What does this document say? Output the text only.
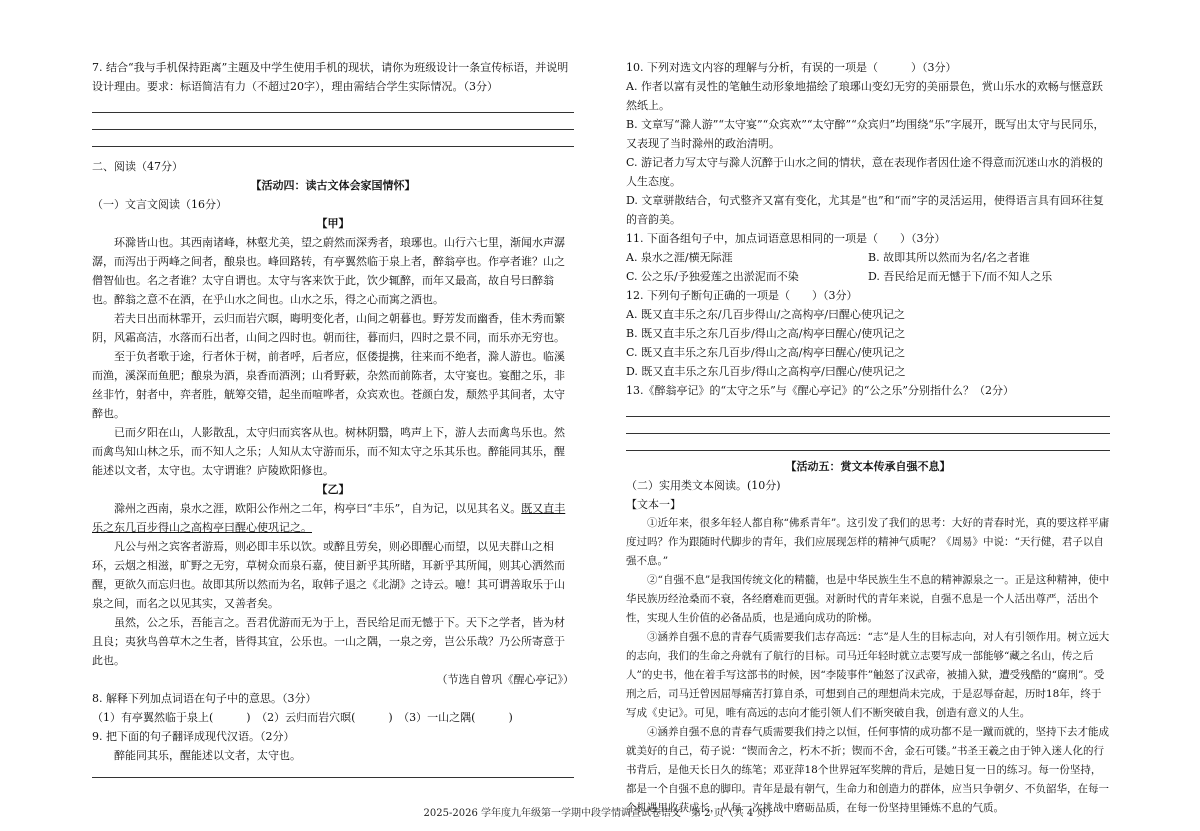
7. 结合“我与手机保持距离”主题及中学生使用手机的现状，请你为班级设计一条宣传标语，并说明设计理由。要求：标语简洁有力（不超过20字），理由需结合学生实际情况。（3分）

二、阅读（47分）

【活动四：读古文体会家国情怀】

（一）文言文阅读（16分）

【甲】

环滁皆山也。其西南诸峰，林壑尤美，望之蔚然而深秀者，琅琊也。山行六七里，渐闻水声潺潺，而泻出于两峰之间者，酿泉也。峰回路转，有亭翼然临于泉上者，醉翁亭也。作亭者谁？山之僧智仙也。名之者谁？太守自谓也。太守与客来饮于此，饮少辄醉，而年又最高，故自号曰醉翁也。醉翁之意不在酒，在乎山水之间也。山水之乐，得之心而寓之酒也。

若夫日出而林霏开，云归而岩穴暝，晦明变化者，山间之朝暮也。野芳发而幽香，佳木秀而繁阴，风霜高洁，水落而石出者，山间之四时也。朝而往，暮而归，四时之景不同，而乐亦无穷也。

至于负者歌于途，行者休于树，前者呼，后者应，伛偻提携，往来而不绝者，滁人游也。临溪而渔，溪深而鱼肥；酿泉为酒，泉香而酒洌；山肴野蔌，杂然而前陈者，太守宴也。宴酣之乐，非丝非竹，射者中，弈者胜，觥筹交错，起坐而喧哗者，众宾欢也。苍颜白发，颓然乎其间者，太守醉也。

已而夕阳在山，人影散乱，太守归而宾客从也。树林阴翳，鸣声上下，游人去而禽鸟乐也。然而禽鸟知山林之乐，而不知人之乐；人知从太守游而乐，而不知太守之乐其乐也。醉能同其乐，醒能述以文者，太守也。太守谓谁？庐陵欧阳修也。

【乙】

滁州之西南，泉水之涯，欧阳公作州之二年，构亭曰“丰乐”，自为记，以见其名义。既又直丰乐之东几百步得山之高构亭曰醒心使巩记之。

凡公与州之宾客者游焉，则必即丰乐以饮。或醉且劳矣，则必即醒心而望，以见夫群山之相环，云烟之相滋，旷野之无穷，草树众而泉石嘉，使目新乎其所睹，耳新乎其所闻，则其心洒然而醒，更欲久而忘归也。故即其所以然而为名，取韩子退之《北湖》之诗云。噫！其可谓善取乐于山泉之间，而名之以见其实，又善者矣。

虽然，公之乐，吾能言之。吾君优游而无为于上，吾民给足而无憾于下。天下之学者，皆为材且良；夷狄鸟兽草木之生者，皆得其宜，公乐也。一山之隅，一泉之旁，岂公乐哉？乃公所寄意于此也。

（节选自曾巩《醒心亭记》）

8. 解释下列加点词语在句子中的意思。（3分）

（1）有亭翼然临于泉上(　　　)　（2）云归而岩穴暝(　　　)　（3）一山之隅(　　　)

9. 把下面的句子翻译成现代汉语。（2分）

醉能同其乐，醒能述以文者，太守也。

10. 下列对选文内容的理解与分析，有误的一项是（　　　）（3分）

A. 作者以富有灵性的笔触生动形象地描绘了琅琊山变幻无穷的美丽景色，赏山乐水的欢畅与惬意跃然纸上。

B. 文章写“滁人游”“太守宴”“众宾欢”“太守醉”“众宾归”均围绕“乐”字展开，既写出太守与民同乐，又表现了当时滁州的政治清明。

C. 游记者力写太守与滁人沉醉于山水之间的情状，意在表现作者因仕途不得意而沉迷山水的消极的人生态度。

D. 文章骈散结合，句式整齐又富有变化，尤其是“也”和“而”字的灵活运用，使得语言具有回环往复的音韵美。

11. 下面各组句子中，加点词语意思相同的一项是（　　）（3分）

A. 泉水之涯/横无际涯	B. 故即其所以然而为名/名之者谁
C. 公之乐/予独爱莲之出淤泥而不染	D. 吾民给足而无憾于下/而不知人之乐

12. 下列句子断句正确的一项是（　　）（3分）

A. 既又直丰乐之东/几百步得山/之高构亭/曰醒心使巩记之

B. 既又直丰乐之东几百步/得山之高/构亭曰醒心/使巩记之

C. 既又直丰乐之东几百步/得山之高/构亭曰醒心/使巩记之

D. 既又直丰乐之东几百步/得山之高构亭/曰醒心/使巩记之

13.《醉翁亭记》的“太守之乐”与《醒心亭记》的“公之乐”分别指什么？（2分）

【活动五：赏文本传承自强不息】

（二）实用类文本阅读。(10分)

【文本一】

①近年来，很多年轻人都自称“佛系青年”。这引发了我们的思考：大好的青春时光，真的要这样平庸度过吗？作为跟随时代脚步的青年，我们应展现怎样的精神气质呢？《周易》中说：“天行健，君子以自强不息。”

②“自强不息”是我国传统文化的精髓，也是中华民族生生不息的精神源泉之一。正是这种精神，使中华民族历经沧桑而不衰，各经磨难而更强。对新时代的青年来说，自强不息是一个人活出尊严，活出个性，实现人生价值的必备品质，也是通向成功的阶梯。

③涵养自强不息的青春气质需要我们志存高远：“志”是人生的目标志向，对人有引领作用。树立远大的志向，我们的生命之舟就有了航行的目标。司马迁年轻时就立志要写成一部能够“藏之名山，传之后人”的史书，他在着手写这部书的时候，因“李陵事件”触怒了汉武帝，被捕入狱，遭受残酷的“腐刑”。受刑之后，司马迁曾因屈辱痛苦打算自杀，可想到自己的理想尚未完成，于是忍辱奋起，历时18年，终于写成《史记》。可见，唯有高远的志向才能引领人们不断突破自我，创造有意义的人生。

④涵养自强不息的青春气质需要我们持之以恒，任何事情的成功都不是一蹴而就的，坚持下去才能成就美好的自己，荀子说：“锲而舍之，朽木不折；锲而不舍，金石可镂。”书圣王羲之由于钟入迷人化的行书背后，是他天长日久的练笔；邓亚萍18个世界冠军奖牌的背后，是她日复一日的练习。每一份坚持，都是一个自强不息的脚印。青年是最有朝气，生命力和创造力的群体，应当只争朝夕、不负韶华，在每一个机遇里收获成长，从每一次挑战中磨砺品质，在每一份坚持里锤炼不息的气质。

2025-2026 学年度九年级第一学期中段学情调查试卷语文　第 2 页（共 4 页）
